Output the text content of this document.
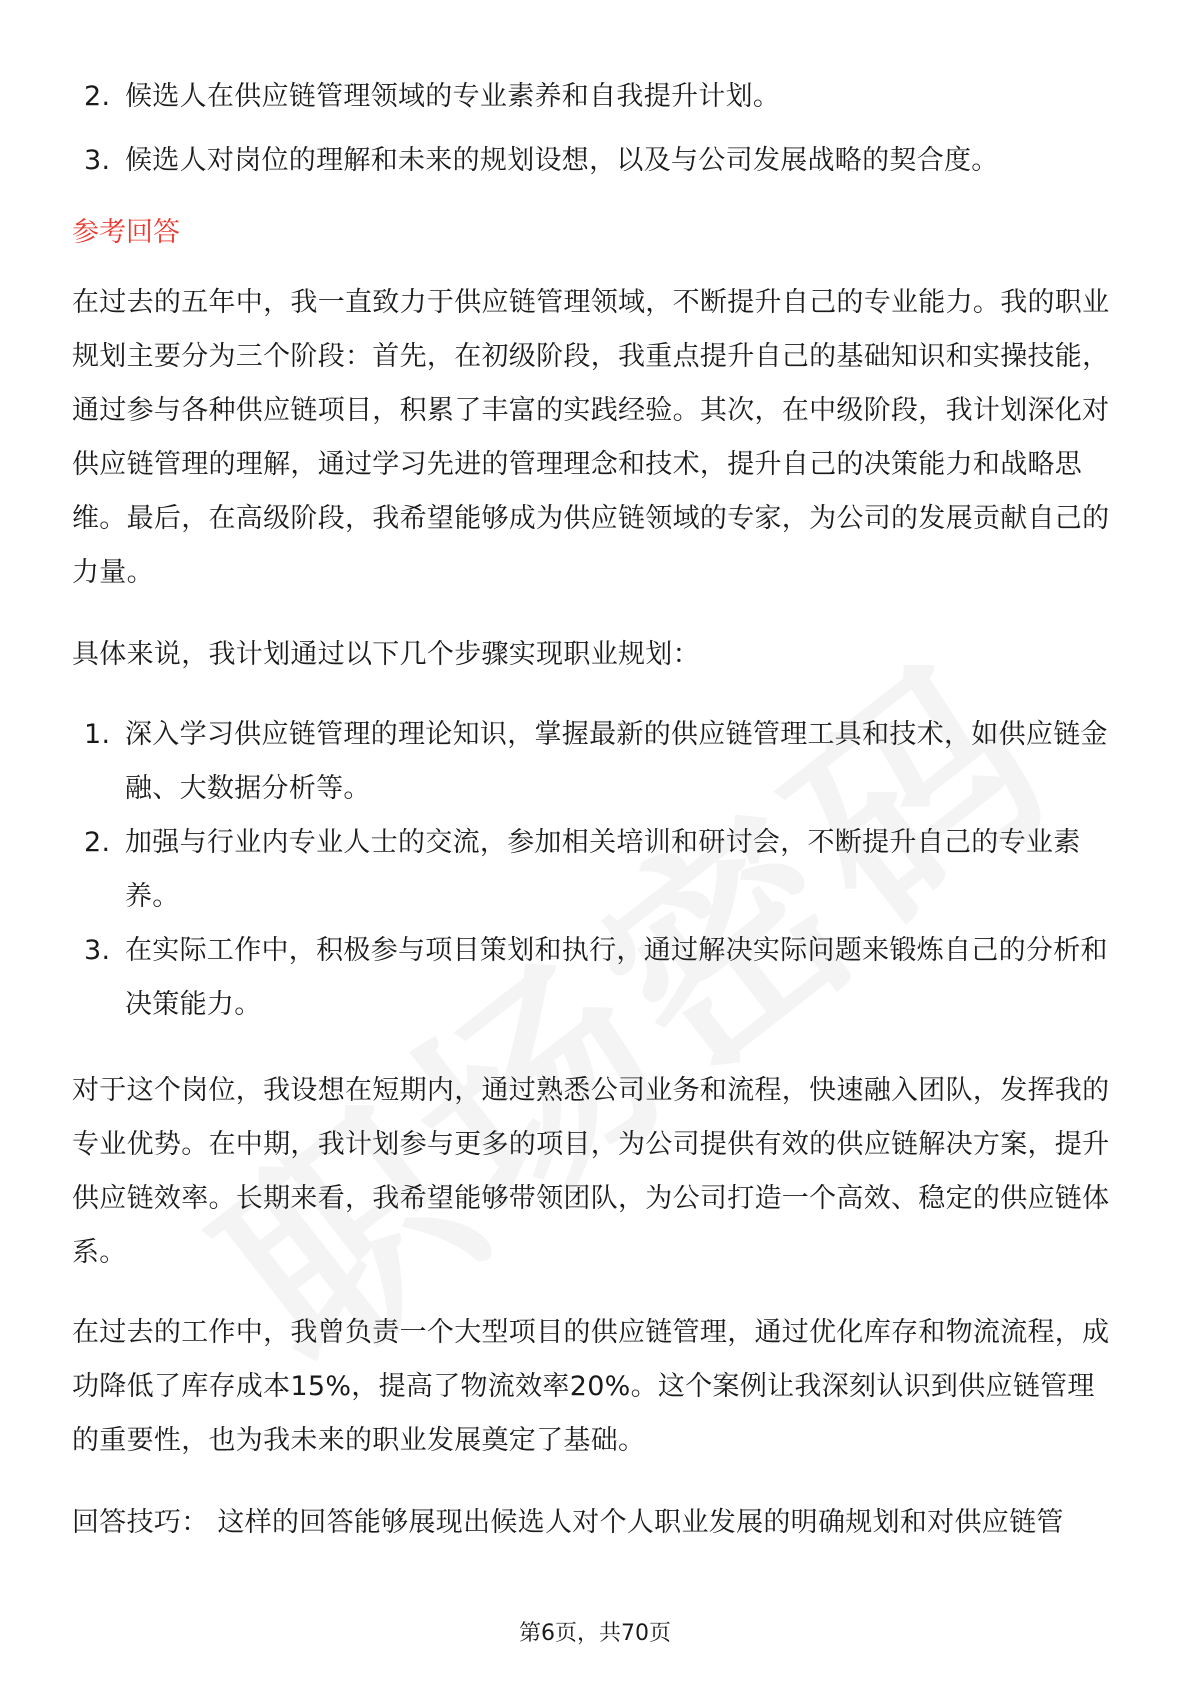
2. 候选人在供应链管理领域的专业素养和自我提升计划。
3. 候选人对岗位的理解和未来的规划设想，以及与公司发展战略的契合度。

参考回答

在过去的五年中，我一直致力于供应链管理领域，不断提升自己的专业能力。我的职业规划主要分为三个阶段：首先，在初级阶段，我重点提升自己的基础知识和实操技能，通过参与各种供应链项目，积累了丰富的实践经验。其次，在中级阶段，我计划深化对供应链管理的理解，通过学习先进的管理理念和技术，提升自己的决策能力和战略思维。最后，在高级阶段，我希望能够成为供应链领域的专家，为公司的发展贡献自己的力量。

具体来说，我计划通过以下几个步骤实现职业规划：

1. 深入学习供应链管理的理论知识，掌握最新的供应链管理工具和技术，如供应链金融、大数据分析等。
2. 加强与行业内专业人士的交流，参加相关培训和研讨会，不断提升自己的专业素养。
3. 在实际工作中，积极参与项目策划和执行，通过解决实际问题来锻炼自己的分析和决策能力。

对于这个岗位，我设想在短期内，通过熟悉公司业务和流程，快速融入团队，发挥我的专业优势。在中期，我计划参与更多的项目，为公司提供有效的供应链解决方案，提升供应链效率。长期来看，我希望能够带领团队，为公司打造一个高效、稳定的供应链体系。

在过去的工作中，我曾负责一个大型项目的供应链管理，通过优化库存和物流流程，成功降低了库存成本15%，提高了物流效率20%。这个案例让我深刻认识到供应链管理的重要性，也为我未来的职业发展奠定了基础。

回答技巧： 这样的回答能够展现出候选人对个人职业发展的明确规划和对供应链管

第6页，共70页
